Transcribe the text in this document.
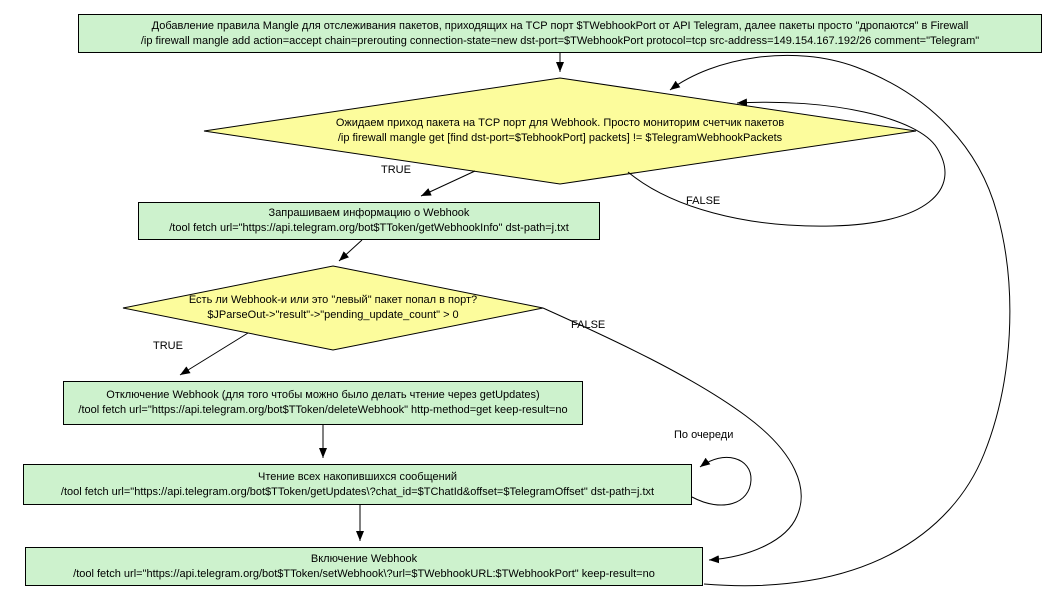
Добавление правила Mangle для отслеживания пакетов, приходящих на TCP порт $TWebhookPort от API Telegram, далее пакеты просто "дропаются" в Firewall
/ip firewall mangle add action=accept chain=prerouting connection-state=new dst-port=$TWebhookPort protocol=tcp src-address=149.154.167.192/26 comment="Telegram"
Запрашиваем информацию о Webhook
/tool fetch url="https://api.telegram.org/bot$TToken/getWebhookInfo" dst-path=j.txt
Отключение Webhook (для того чтобы можно было делать чтение через getUpdates)
/tool fetch url="https://api.telegram.org/bot$TToken/deleteWebhook" http-method=get keep-result=no
Чтение всех накопившихся сообщений
/tool fetch url="https://api.telegram.org/bot$TToken/getUpdates\?chat_id=$TChatId&offset=$TelegramOffset" dst-path=j.txt
Включение Webhook
/tool fetch url="https://api.telegram.org/bot$TToken/setWebhook\?url=$TWebhookURL:$TWebhookPort" keep-result=no
Ожидаем приход пакета на TCP порт для Webhook. Просто мониторим счетчик пакетов
/ip firewall mangle get [find dst-port=$TebhookPort] packets] != $TelegramWebhookPackets
Есть ли Webhook-и или это "левый" пакет попал в порт?
$JParseOut->"result"->"pending_update_count" > 0
TRUE
FALSE
TRUE
FALSE
По очереди
